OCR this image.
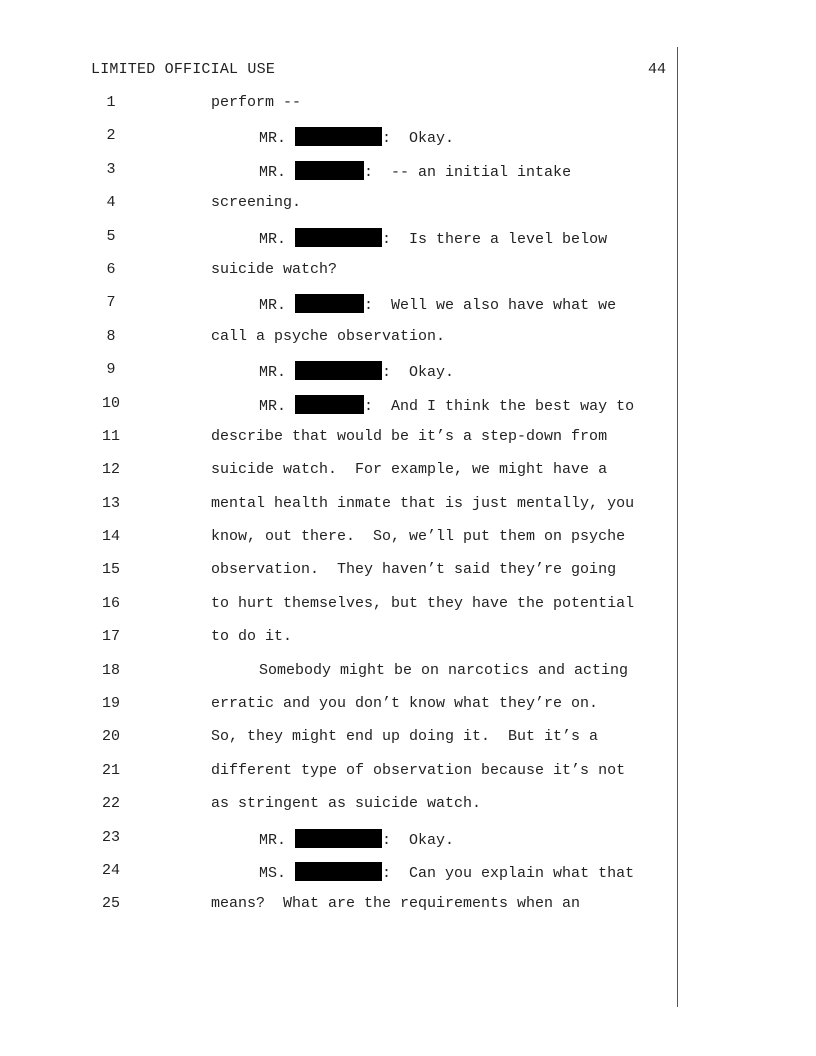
LIMITED OFFICIAL USE	44
1	perform --
2	MR.	:  Okay.
3	MR.	:  -- an initial intake
4	screening.
5	MR.	:  Is there a level below
6	suicide watch?
7	MR.	:  Well we also have what we
8	call a psyche observation.
9	MR.	:  Okay.
10	MR.	:  And I think the best way to
11	describe that would be it’s a step-down from
12	suicide watch.  For example, we might have a
13	mental health inmate that is just mentally, you
14	know, out there.  So, we’ll put them on psyche
15	observation.  They haven’t said they’re going
16	to hurt themselves, but they have the potential
17	to do it.
18	Somebody might be on narcotics and acting
19	erratic and you don’t know what they’re on.
20	So, they might end up doing it.  But it’s a
21	different type of observation because it’s not
22	as stringent as suicide watch.
23	MR.	:  Okay.
24	MS.	:  Can you explain what that
25	means?  What are the requirements when an
